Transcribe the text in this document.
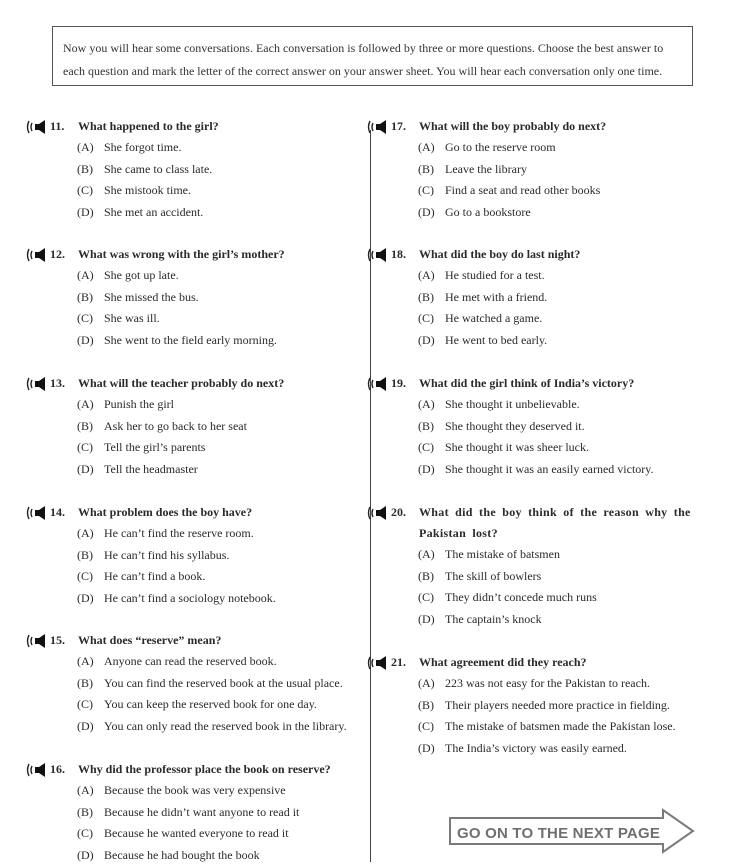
Now you will hear some conversations. Each conversation is followed by three or more questions. Choose the best answer to each question and mark the letter of the correct answer on your answer sheet. You will hear each conversation only one time.
11. What happened to the girl?
(A) She forgot time.
(B) She came to class late.
(C) She mistook time.
(D) She met an accident.
12. What was wrong with the girl’s mother?
(A) She got up late.
(B) She missed the bus.
(C) She was ill.
(D) She went to the field early morning.
13. What will the teacher probably do next?
(A) Punish the girl
(B) Ask her to go back to her seat
(C) Tell the girl’s parents
(D) Tell the headmaster
14. What problem does the boy have?
(A) He can’t find the reserve room.
(B) He can’t find his syllabus.
(C) He can’t find a book.
(D) He can’t find a sociology notebook.
15. What does “reserve” mean?
(A) Anyone can read the reserved book.
(B) You can find the reserved book at the usual place.
(C) You can keep the reserved book for one day.
(D) You can only read the reserved book in the library.
16. Why did the professor place the book on reserve?
(A) Because the book was very expensive
(B) Because he didn’t want anyone to read it
(C) Because he wanted everyone to read it
(D) Because he had bought the book
17. What will the boy probably do next?
(A) Go to the reserve room
(B) Leave the library
(C) Find a seat and read other books
(D) Go to a bookstore
18. What did the boy do last night?
(A) He studied for a test.
(B) He met with a friend.
(C) He watched a game.
(D) He went to bed early.
19. What did the girl think of India’s victory?
(A) She thought it unbelievable.
(B) She thought they deserved it.
(C) She thought it was sheer luck.
(D) She thought it was an easily earned victory.
20. What did the boy think of the reason why the Pakistan lost?
(A) The mistake of batsmen
(B) The skill of bowlers
(C) They didn’t concede much runs
(D) The captain’s knock
21. What agreement did they reach?
(A) 223 was not easy for the Pakistan to reach.
(B) Their players needed more practice in fielding.
(C) The mistake of batsmen made the Pakistan lose.
(D) The India’s victory was easily earned.
GO ON TO THE NEXT PAGE
